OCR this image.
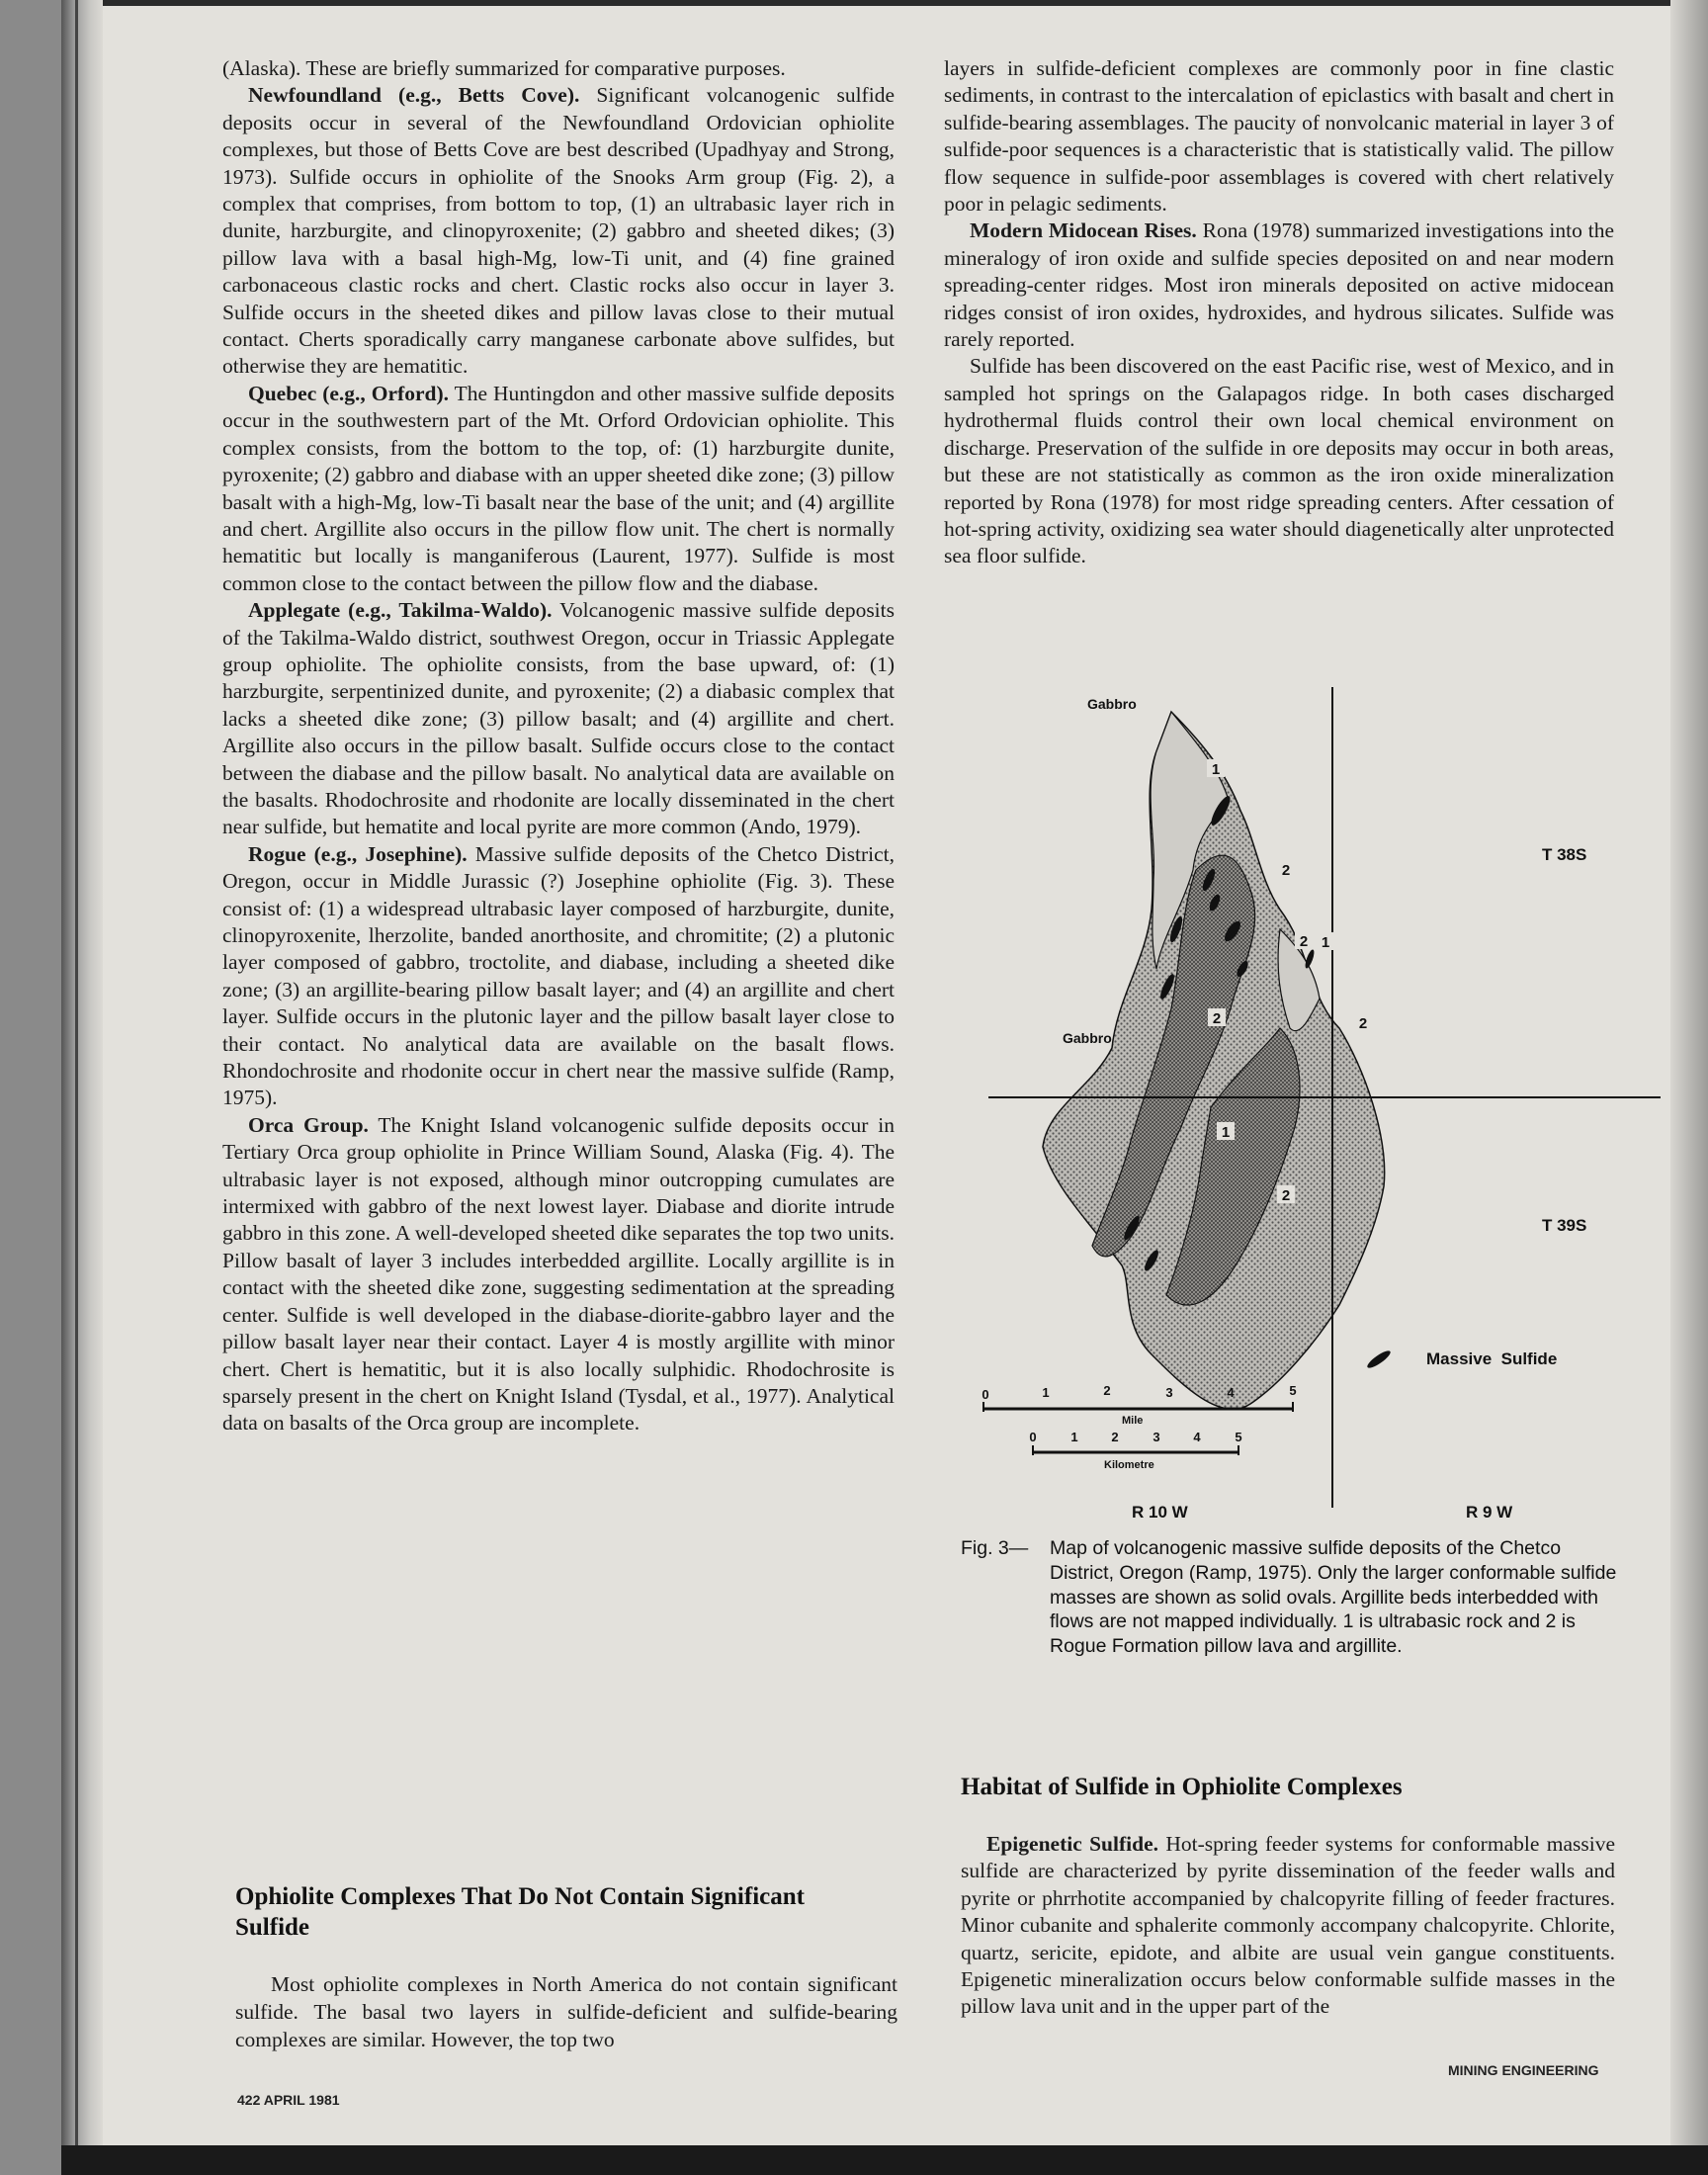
(Alaska). These are briefly summarized for comparative purposes.

Newfoundland (e.g., Betts Cove). Significant volcanogenic sulfide deposits occur in several of the Newfoundland Ordovician ophiolite complexes, but those of Betts Cove are best described (Upadhyay and Strong, 1973). Sulfide occurs in ophiolite of the Snooks Arm group (Fig. 2), a complex that comprises, from bottom to top, (1) an ultrabasic layer rich in dunite, harzburgite, and clinopyroxenite; (2) gabbro and sheeted dikes; (3) pillow lava with a basal high-Mg, low-Ti unit, and (4) fine grained carbonaceous clastic rocks and chert. Clastic rocks also occur in layer 3. Sulfide occurs in the sheeted dikes and pillow lavas close to their mutual contact. Cherts sporadically carry manganese carbonate above sulfides, but otherwise they are hematitic.

Quebec (e.g., Orford). The Huntingdon and other massive sulfide deposits occur in the southwestern part of the Mt. Orford Ordovician ophiolite. This complex consists, from the bottom to the top, of: (1) harzburgite dunite, pyroxenite; (2) gabbro and diabase with an upper sheeted dike zone; (3) pillow basalt with a high-Mg, low-Ti basalt near the base of the unit; and (4) argillite and chert. Argillite also occurs in the pillow flow unit. The chert is normally hematitic but locally is manganiferous (Laurent, 1977). Sulfide is most common close to the contact between the pillow flow and the diabase.

Applegate (e.g., Takilma-Waldo). Volcanogenic massive sulfide deposits of the Takilma-Waldo district, southwest Oregon, occur in Triassic Applegate group ophiolite. The ophiolite consists, from the base upward, of: (1) harzburgite, serpentinized dunite, and pyroxenite; (2) a diabasic complex that lacks a sheeted dike zone; (3) pillow basalt; and (4) argillite and chert. Argillite also occurs in the pillow basalt. Sulfide occurs close to the contact between the diabase and the pillow basalt. No analytical data are available on the basalts. Rhodochrosite and rhodonite are locally disseminated in the chert near sulfide, but hematite and local pyrite are more common (Ando, 1979).

Rogue (e.g., Josephine). Massive sulfide deposits of the Chetco District, Oregon, occur in Middle Jurassic (?) Josephine ophiolite (Fig. 3). These consist of: (1) a widespread ultrabasic layer composed of harzburgite, dunite, clinopyroxenite, lherzolite, banded anorthosite, and chromitite; (2) a plutonic layer composed of gabbro, troctolite, and diabase, including a sheeted dike zone; (3) an argillite-bearing pillow basalt layer; and (4) an argillite and chert layer. Sulfide occurs in the plutonic layer and the pillow basalt layer close to their contact. No analytical data are available on the basalt flows. Rhondochrosite and rhodonite occur in chert near the massive sulfide (Ramp, 1975).

Orca Group. The Knight Island volcanogenic sulfide deposits occur in Tertiary Orca group ophiolite in Prince William Sound, Alaska (Fig. 4). The ultrabasic layer is not exposed, although minor outcropping cumulates are intermixed with gabbro of the next lowest layer. Diabase and diorite intrude gabbro in this zone. A well-developed sheeted dike separates the top two units. Pillow basalt of layer 3 includes interbedded argillite. Locally argillite is in contact with the sheeted dike zone, suggesting sedimentation at the spreading center. Sulfide is well developed in the diabase-diorite-gabbro layer and the pillow basalt layer near their contact. Layer 4 is mostly argillite with minor chert. Chert is hematitic, but it is also locally sulphidic. Rhodochrosite is sparsely present in the chert on Knight Island (Tysdal, et al., 1977). Analytical data on basalts of the Orca group are incomplete.

Ophiolite Complexes That Do Not Contain Significant Sulfide

Most ophiolite complexes in North America do not contain significant sulfide. The basal two layers in sulfide-deficient and sulfide-bearing complexes are similar. However, the top two

layers in sulfide-deficient complexes are commonly poor in fine clastic sediments, in contrast to the intercalation of epiclastics with basalt and chert in sulfide-bearing assemblages. The paucity of nonvolcanic material in layer 3 of sulfide-poor sequences is a characteristic that is statistically valid. The pillow flow sequence in sulfide-poor assemblages is covered with chert relatively poor in pelagic sediments.

Modern Midocean Rises. Rona (1978) summarized investigations into the mineralogy of iron oxide and sulfide species deposited on and near modern spreading-center ridges. Most iron minerals deposited on active midocean ridges consist of iron oxides, hydroxides, and hydrous silicates. Sulfide was rarely reported.

Sulfide has been discovered on the east Pacific rise, west of Mexico, and in sampled hot springs on the Galapagos ridge. In both cases discharged hydrothermal fluids control their own local chemical environment on discharge. Preservation of the sulfide in ore deposits may occur in both areas, but these are not statistically as common as the iron oxide mineralization reported by Rona (1978) for most ridge spreading centers. After cessation of hot-spring activity, oxidizing sea water should diagenetically alter unprotected sea floor sulfide.

1
2
2
2	2
2
1
1
Gabbro
Gabbro
T 38S
T 39S
R 10 W	R 9 W
Massive  Sulfide
0	1	2	3	4	5
Mile
0	1	2	3	4	5
Kilometre
Fig. 3— Map of volcanogenic massive sulfide deposits of the Chetco District, Oregon (Ramp, 1975). Only the larger conformable sulfide masses are shown as solid ovals. Argillite beds interbedded with flows are not mapped individually. 1 is ultrabasic rock and 2 is Rogue Formation pillow lava and argillite.
Habitat of Sulfide in Ophiolite Complexes

Epigenetic Sulfide. Hot-spring feeder systems for conformable massive sulfide are characterized by pyrite dissemination of the feeder walls and pyrite or phrrhotite accompanied by chalcopyrite filling of feeder fractures. Minor cubanite and sphalerite commonly accompany chalcopyrite. Chlorite, quartz, sericite, epidote, and albite are usual vein gangue constituents. Epigenetic mineralization occurs below conformable sulfide masses in the pillow lava unit and in the upper part of the

422 APRIL 1981
MINING ENGINEERING
